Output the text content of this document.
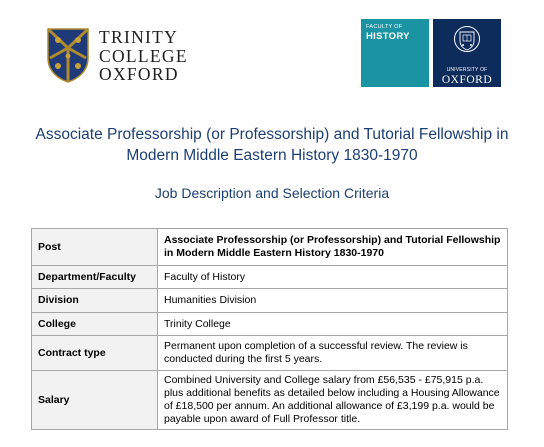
TRINITY
COLLEGE
OXFORD
FACULTY OF
HISTORY
UNIVERSITY OF
OXFORD
Associate Professorship (or Professorship) and Tutorial Fellowship in
Modern Middle Eastern History 1830-1970
Job Description and Selection Criteria
Post	Associate Professorship (or Professorship) and Tutorial Fellowship in Modern Middle Eastern History 1830-1970
Department/Faculty	Faculty of History
Division	Humanities Division
College	Trinity College
Contract type	Permanent upon completion of a successful review. The review is conducted during the first 5 years.
Salary	Combined University and College salary from £56,535 - £75,915 p.a. plus additional benefits as detailed below including a Housing Allowance of £18,500 per annum. An additional allowance of £3,199 p.a. would be payable upon award of Full Professor title.
